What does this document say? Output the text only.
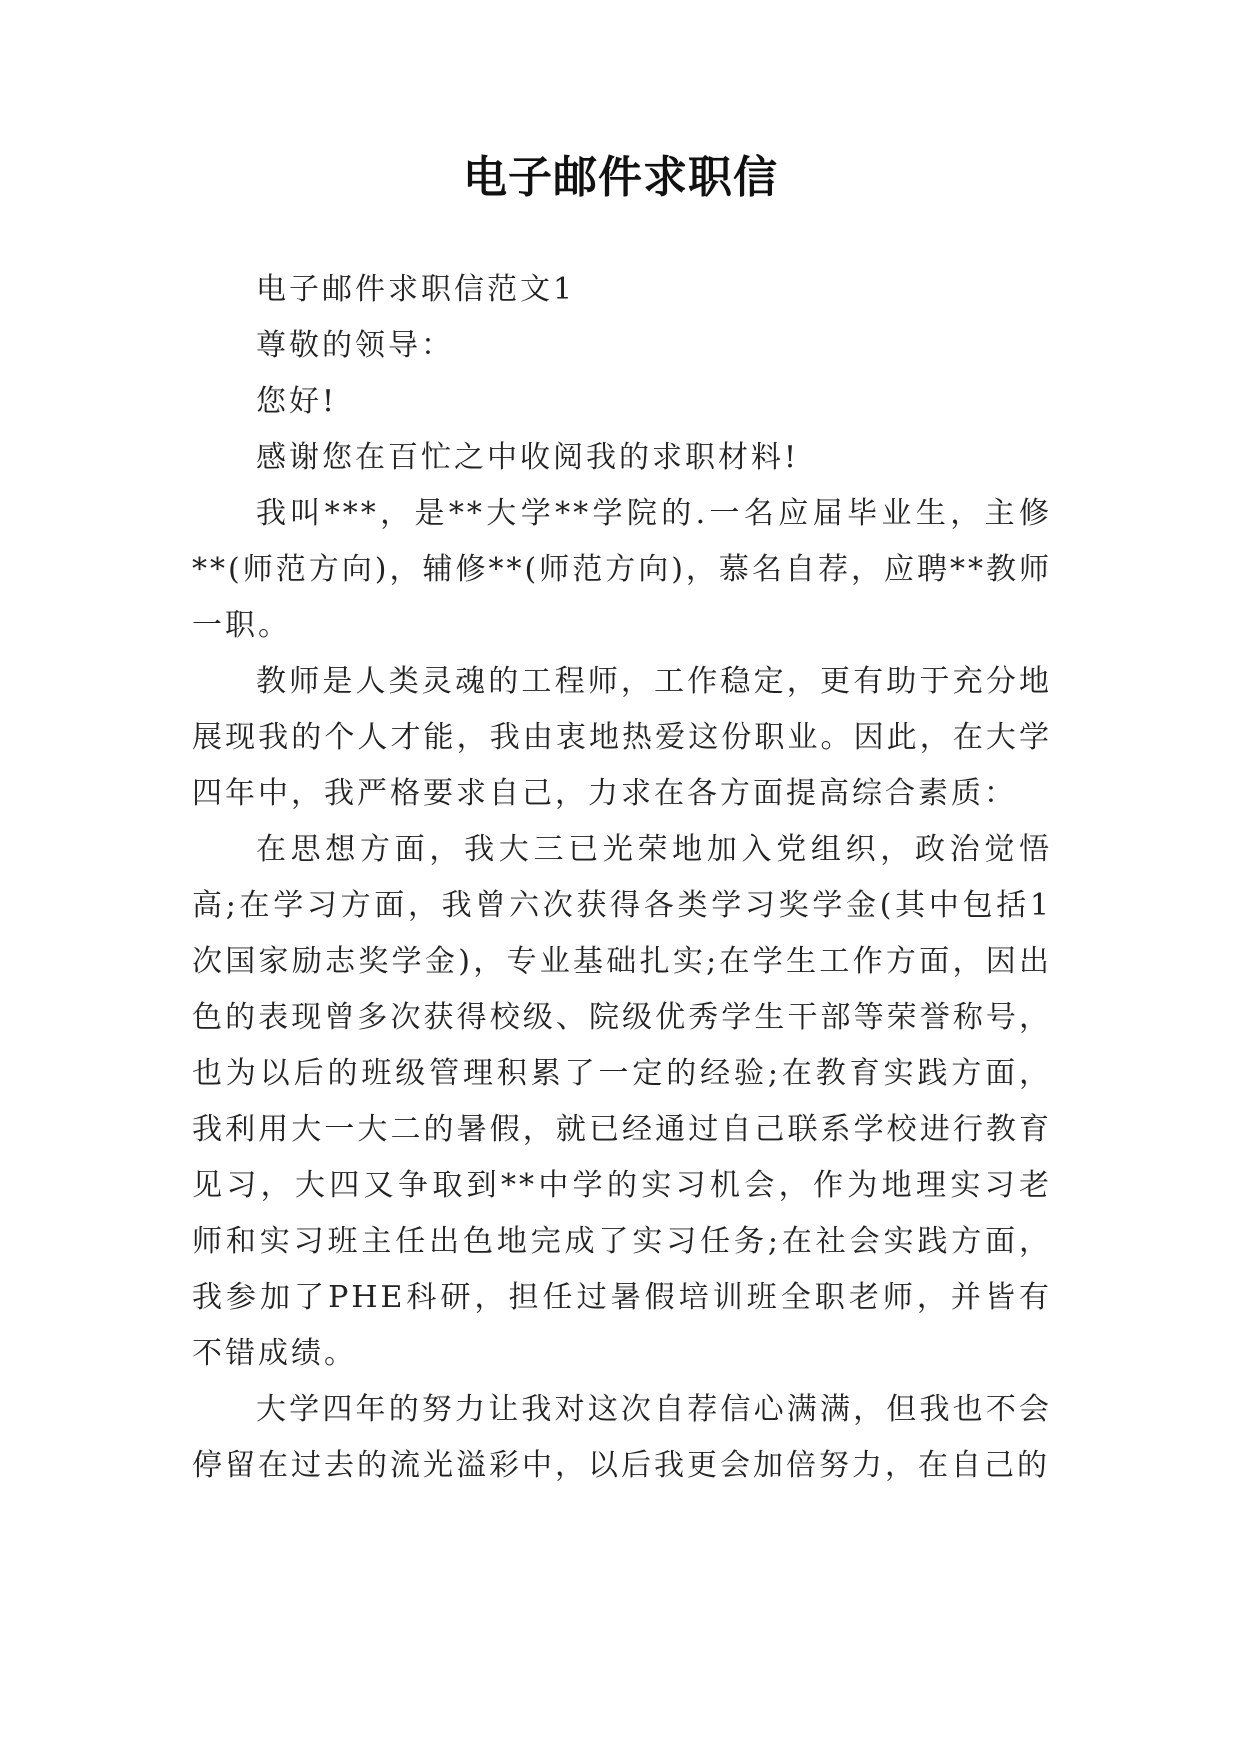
电子邮件求职信

电子邮件求职信范文1

尊敬的领导：

您好!

感谢您在百忙之中收阅我的求职材料!

我叫***，是**大学**学院的.一名应届毕业生，主修**(师范方向)，辅修**(师范方向)，慕名自荐，应聘**教师一职。

教师是人类灵魂的工程师，工作稳定，更有助于充分地展现我的个人才能，我由衷地热爱这份职业。因此，在大学四年中，我严格要求自己，力求在各方面提高综合素质：

在思想方面，我大三已光荣地加入党组织，政治觉悟高;在学习方面，我曾六次获得各类学习奖学金(其中包括1次国家励志奖学金)，专业基础扎实;在学生工作方面，因出色的表现曾多次获得校级、院级优秀学生干部等荣誉称号，也为以后的班级管理积累了一定的经验;在教育实践方面，我利用大一大二的暑假，就已经通过自己联系学校进行教育见习，大四又争取到**中学的实习机会，作为地理实习老师和实习班主任出色地完成了实习任务;在社会实践方面，我参加了PHE科研，担任过暑假培训班全职老师，并皆有不错成绩。

大学四年的努力让我对这次自荐信心满满，但我也不会停留在过去的流光溢彩中，以后我更会加倍努力，在自己的
